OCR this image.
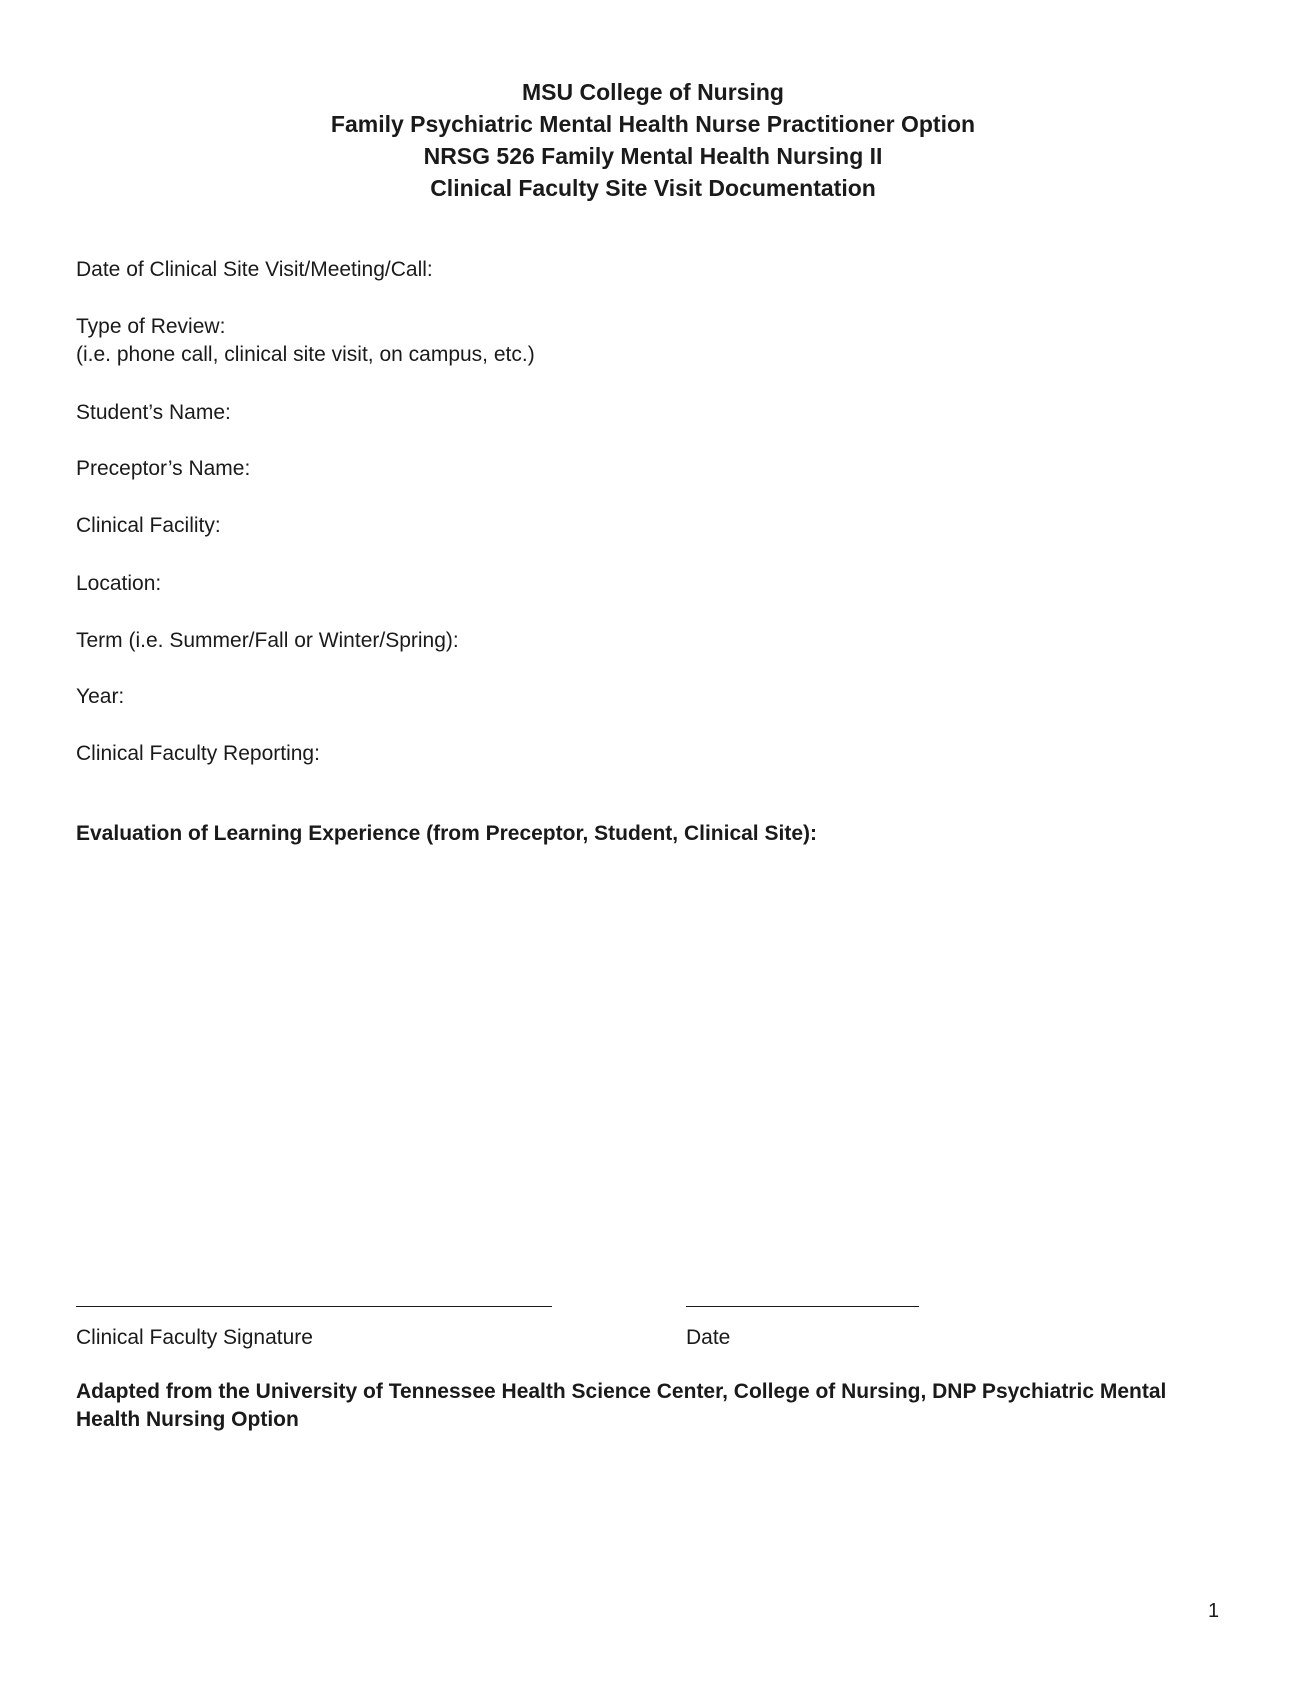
MSU College of Nursing
Family Psychiatric Mental Health Nurse Practitioner Option
NRSG 526 Family Mental Health Nursing II
Clinical Faculty Site Visit Documentation
Date of Clinical Site Visit/Meeting/Call:
Type of Review:
(i.e. phone call, clinical site visit, on campus, etc.)
Student’s Name:
Preceptor’s Name:
Clinical Facility:
Location:
Term (i.e. Summer/Fall or Winter/Spring):
Year:
Clinical Faculty Reporting:
Evaluation of Learning Experience (from Preceptor, Student, Clinical Site):
Clinical Faculty Signature	Date
Adapted from the University of Tennessee Health Science Center, College of Nursing, DNP Psychiatric Mental Health Nursing Option
1
